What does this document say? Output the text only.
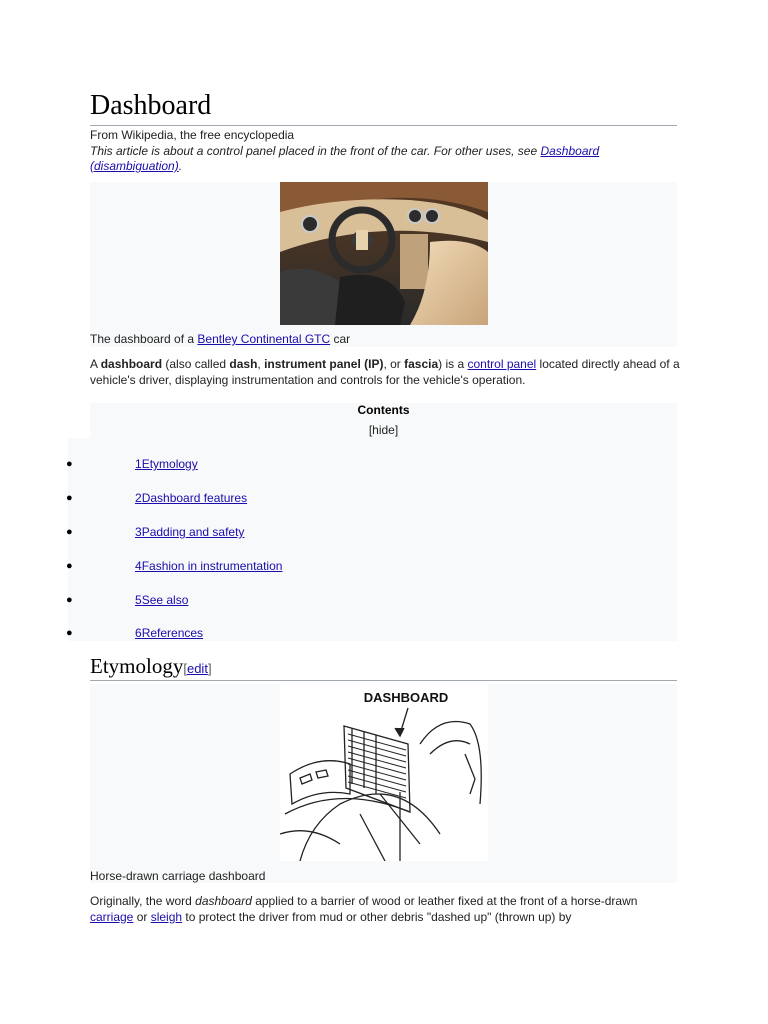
Dashboard
From Wikipedia, the free encyclopedia
This article is about a control panel placed in the front of the car. For other uses, see Dashboard (disambiguation).
The dashboard of a Bentley Continental GTC car
A dashboard (also called dash, instrument panel (IP), or fascia) is a control panel located directly ahead of a vehicle's driver, displaying instrumentation and controls for the vehicle's operation.
Contents
[hide]
●	1Etymology
●	2Dashboard features
●	3Padding and safety
●	4Fashion in instrumentation
●	5See also
●	6References
Etymology[edit]
DASHBOARD
Horse-drawn carriage dashboard
Originally, the word dashboard applied to a barrier of wood or leather fixed at the front of a horse-drawn carriage or sleigh to protect the driver from mud or other debris "dashed up" (thrown up) by
